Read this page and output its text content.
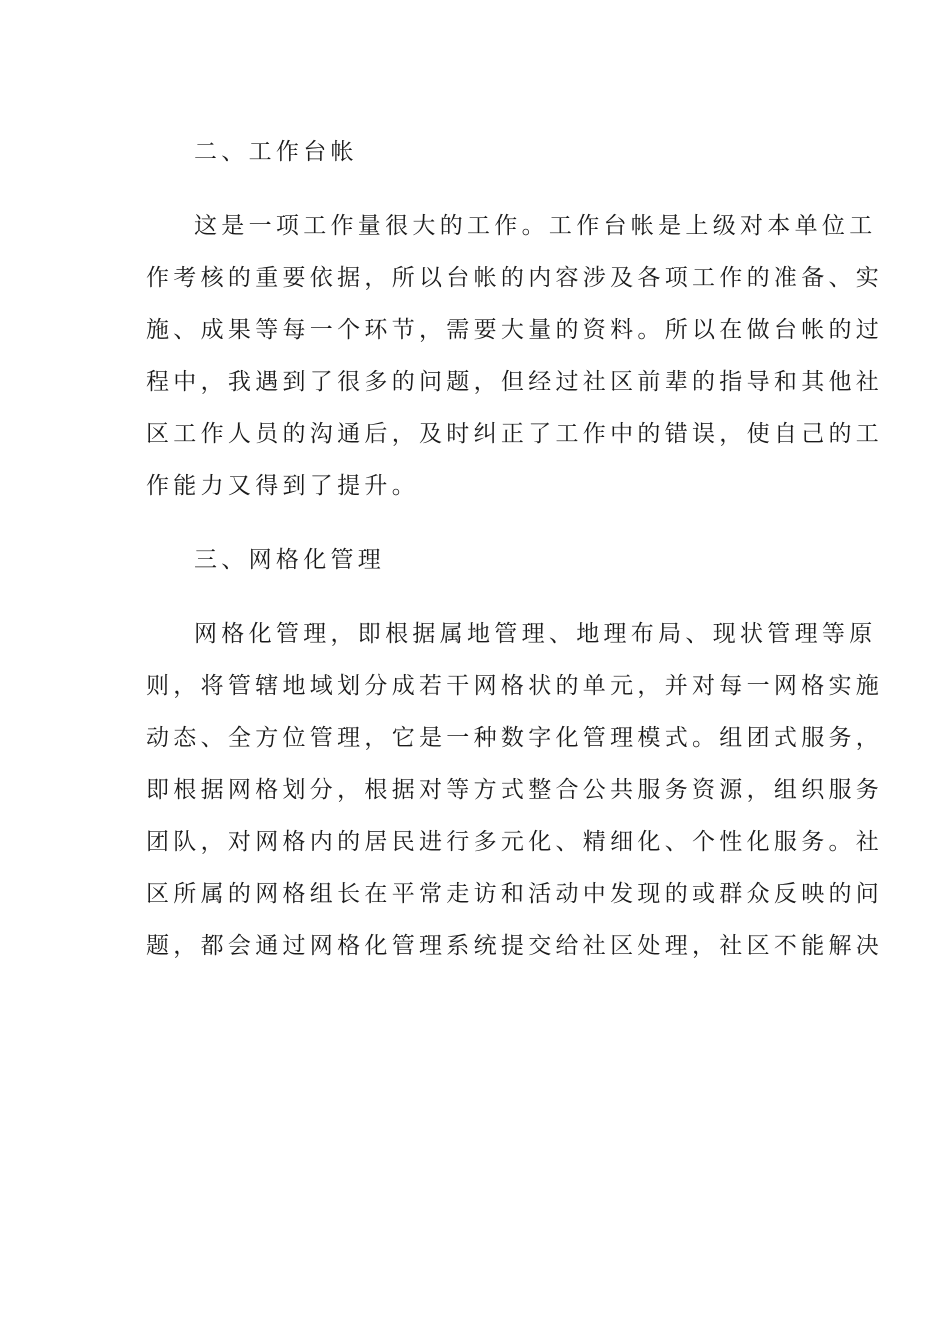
二、工作台帐
这是一项工作量很大的工作。工作台帐是上级对本单位工
作考核的重要依据，所以台帐的内容涉及各项工作的准备、实
施、成果等每一个环节，需要大量的资料。所以在做台帐的过
程中，我遇到了很多的问题，但经过社区前辈的指导和其他社
区工作人员的沟通后，及时纠正了工作中的错误，使自己的工
作能力又得到了提升。
三、网格化管理
网格化管理，即根据属地管理、地理布局、现状管理等原
则，将管辖地域划分成若干网格状的单元，并对每一网格实施
动态、全方位管理，它是一种数字化管理模式。组团式服务，
即根据网格划分，根据对等方式整合公共服务资源，组织服务
团队，对网格内的居民进行多元化、精细化、个性化服务。社
区所属的网格组长在平常走访和活动中发现的或群众反映的问
题，都会通过网格化管理系统提交给社区处理，社区不能解决
